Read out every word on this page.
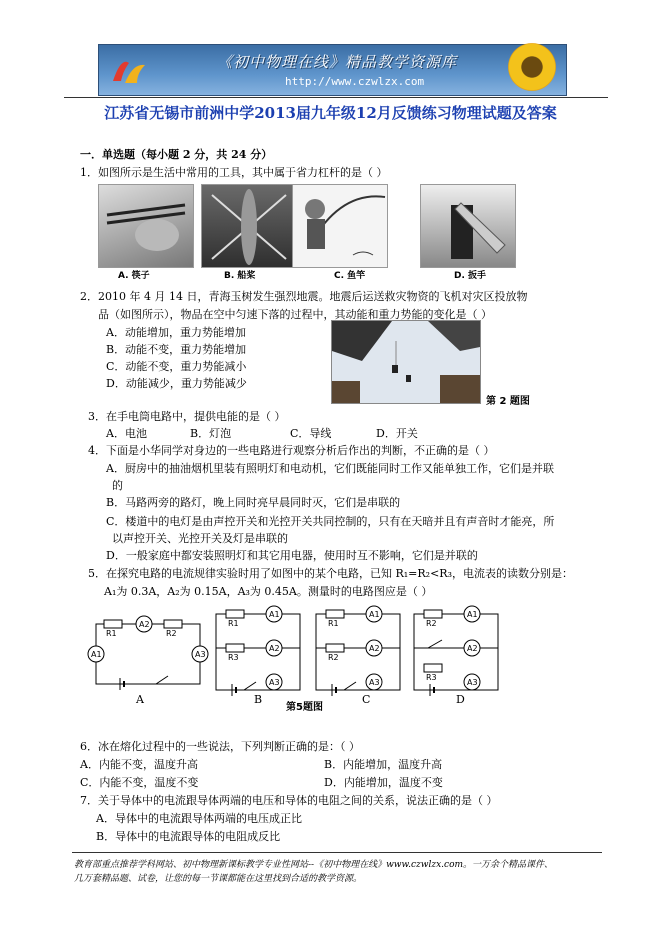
《初中物理在线》精品教学资源库
http://www.czwlzx.com
江苏省无锡市前洲中学2013届九年级12月反馈练习物理试题及答案
一．单选题（每小题 2 分，共 24 分）
1．如图所示是生活中常用的工具，其中属于省力杠杆的是（ ）
A. 筷子	B. 船桨	C. 鱼竿	D. 扳手
2．2010 年 4 月 14 日，青海玉树发生强烈地震。地震后运送救灾物资的飞机对灾区投放物
品（如图所示），物品在空中匀速下落的过程中，其动能和重力势能的变化是（ ）
A．动能增加，重力势能增加
B．动能不变，重力势能增加
C．动能不变，重力势能减小
D．动能减少，重力势能减少
第 2 题图
3．在手电筒电路中，提供电能的是（ ）
A．电池	B．灯泡	C．导线	D．开关
4．下面是小华同学对身边的一些电路进行观察分析后作出的判断，不正确的是（ ）
A．厨房中的抽油烟机里装有照明灯和电动机，它们既能同时工作又能单独工作，它们是并联
的
B．马路两旁的路灯，晚上同时亮早晨同时灭，它们是串联的
C．楼道中的电灯是由声控开关和光控开关共同控制的，只有在天暗并且有声音时才能亮，所
以声控开关、光控开关及灯是串联的
D．一般家庭中都安装照明灯和其它用电器，使用时互不影响，它们是并联的
5．在探究电路的电流规律实验时用了如图中的某个电路，已知 R₁=R₂<R₃，电流表的读数分别是：
A₁为 0.3A，A₂为 0.15A，A₃为 0.45A。测量时的电路图应是（ ）
R1
A2
R2
A1	A3
R1
A1
R3
A2
A3
R1
A1
R2
A2
A3
R2
A1
A2
R3
A3
A	B	C	D
第5题图
6．冰在熔化过程中的一些说法，下列判断正确的是：（ ）
A．内能不变，温度升高	B．内能增加，温度升高
C．内能不变，温度不变	D．内能增加，温度不变
7．关于导体中的电流跟导体两端的电压和导体的电阻之间的关系，说法正确的是（ ）
A．导体中的电流跟导体两端的电压成正比
B．导体中的电流跟导体的电阻成反比
教育部重点推荐学科网站、初中物理新课标教学专业性网站--《初中物理在线》www.czwlzx.com。一万余个精品课件、
几万套精品题、试卷，让您的每一节课都能在这里找到合适的教学资源。
